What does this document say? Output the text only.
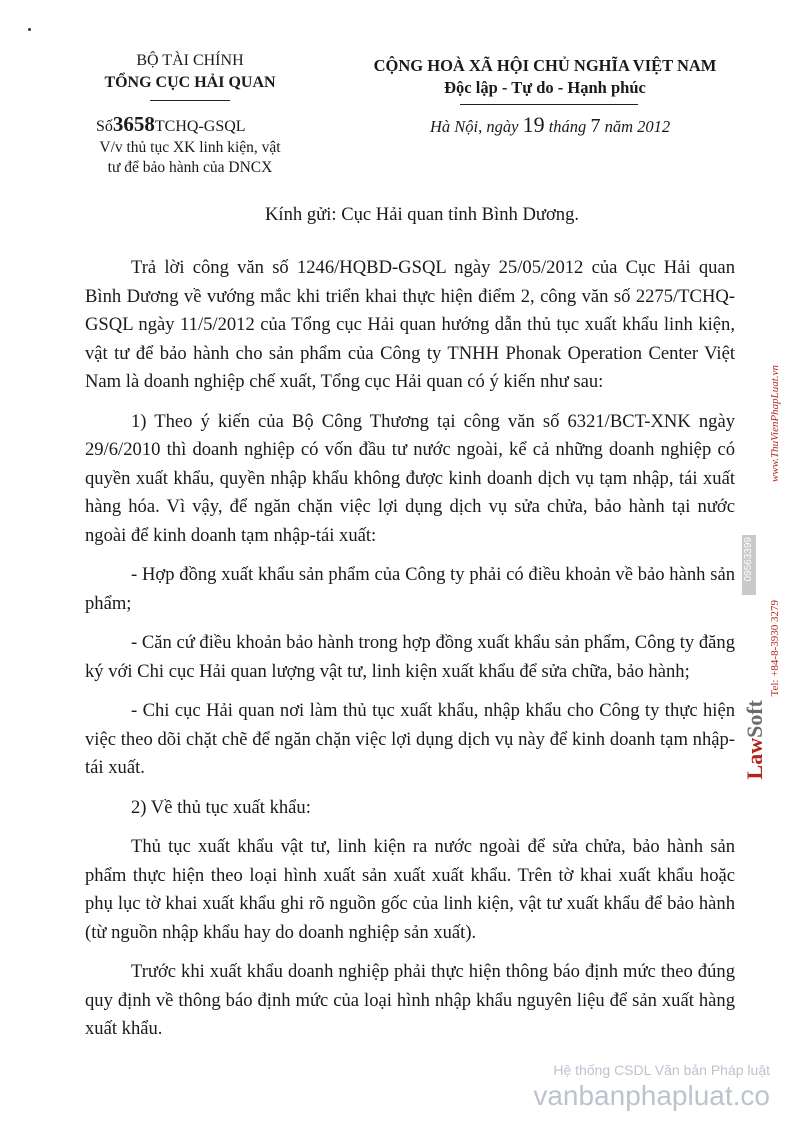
BỘ TÀI CHÍNH
TỔNG CỤC HẢI QUAN
Số3658TCHQ-GSQL
V/v thủ tục XK linh kiện, vật
tư để bảo hành của DNCX
CỘNG HOÀ XÃ HỘI CHỦ NGHĨA VIỆT NAM
Độc lập - Tự do - Hạnh phúc
Hà Nội, ngày 19 tháng 7 năm 2012
Kính gửi: Cục Hải quan tỉnh Bình Dương.

Trả lời công văn số 1246/HQBD-GSQL ngày 25/05/2012 của Cục Hải quan Bình Dương về vướng mắc khi triển khai thực hiện điểm 2, công văn số 2275/TCHQ-GSQL ngày 11/5/2012 của Tổng cục Hải quan hướng dẫn thủ tục xuất khẩu linh kiện, vật tư để bảo hành cho sản phẩm của Công ty TNHH Phonak Operation Center Việt Nam là doanh nghiệp chế xuất, Tổng cục Hải quan có ý kiến như sau:

1) Theo ý kiến của Bộ Công Thương tại công văn số 6321/BCT-XNK ngày 29/6/2010 thì doanh nghiệp có vốn đầu tư nước ngoài, kể cả những doanh nghiệp có quyền xuất khẩu, quyền nhập khẩu không được kinh doanh dịch vụ tạm nhập, tái xuất hàng hóa. Vì vậy, để ngăn chặn việc lợi dụng dịch vụ sửa chửa, bảo hành tại nước ngoài để kinh doanh tạm nhập-tái xuất:

- Hợp đồng xuất khẩu sản phẩm của Công ty phải có điều khoản về bảo hành sản phẩm;

- Căn cứ điều khoản bảo hành trong hợp đồng xuất khẩu sản phẩm, Công ty đăng ký với Chi cục Hải quan lượng vật tư, linh kiện xuất khẩu để sửa chữa, bảo hành;

- Chi cục Hải quan nơi làm thủ tục xuất khẩu, nhập khẩu cho Công ty thực hiện việc theo dõi chặt chẽ để ngăn chặn việc lợi dụng dịch vụ này để kinh doanh tạm nhập- tái xuất.

2) Về thủ tục xuất khẩu:

Thủ tục xuất khẩu vật tư, linh kiện ra nước ngoài để sửa chửa, bảo hành sản phẩm thực hiện theo loại hình xuất sản xuất xuất khẩu. Trên tờ khai xuất khẩu hoặc phụ lục tờ khai xuất khẩu ghi rõ nguồn gốc của linh kiện, vật tư xuất khẩu để bảo hành (từ nguồn nhập khẩu hay do doanh nghiệp sản xuất).

Trước khi xuất khẩu doanh nghiệp phải thực hiện thông báo định mức theo đúng quy định về thông báo định mức của loại hình nhập khẩu nguyên liệu để sản xuất hàng xuất khẩu.

09563399
LawSoft
Tel: +84-8-3930 3279
www.ThuVienPhapLuat.vn
Hệ thống CSDL Văn bản Pháp luật
vanbanphapluat.co
